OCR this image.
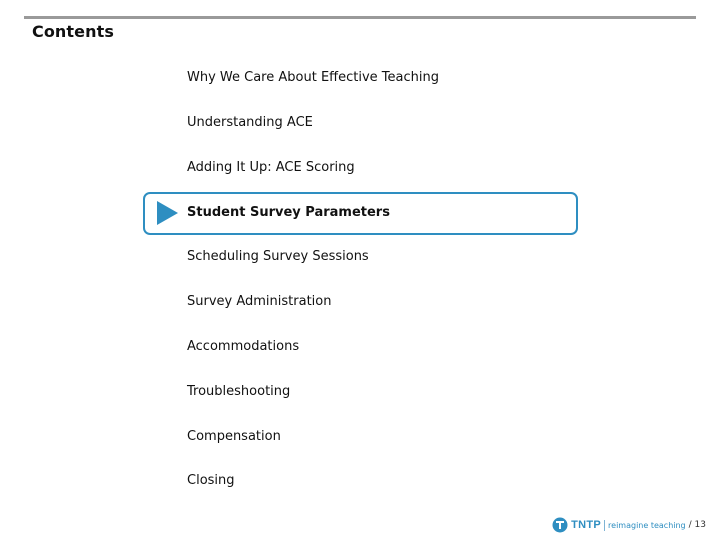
Contents
Why We Care About Effective Teaching
Understanding ACE
Adding It Up: ACE Scoring
Student Survey Parameters
Scheduling Survey Sessions
Survey Administration
Accommodations
Troubleshooting
Compensation
Closing
TNTP reimagine teaching / 13
